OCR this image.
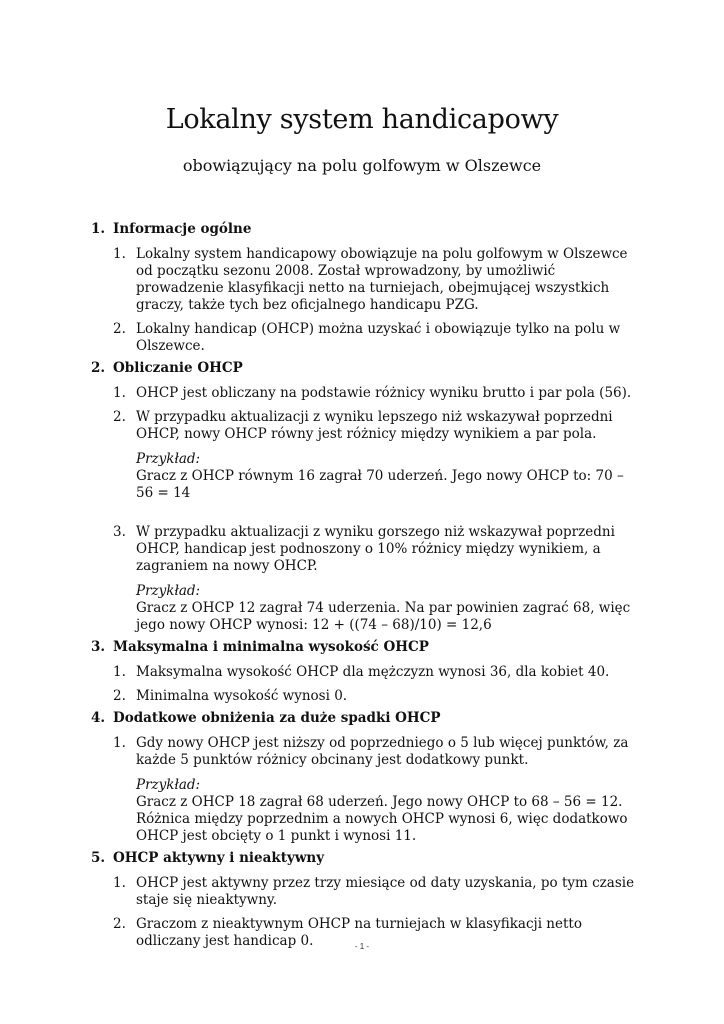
Lokalny system handicapowy
obowiązujący na polu golfowym w Olszewce
1. Informacje ogólne
1. Lokalny system handicapowy obowiązuje na polu golfowym w Olszewce od początku sezonu 2008. Został wprowadzony, by umożliwić prowadzenie klasyfikacji netto na turniejach, obejmującej wszystkich graczy, także tych bez oficjalnego handicapu PZG.
2. Lokalny handicap (OHCP) można uzyskać i obowiązuje tylko na polu w Olszewce.
2. Obliczanie OHCP
1. OHCP jest obliczany na podstawie różnicy wyniku brutto i par pola (56).
2. W przypadku aktualizacji z wyniku lepszego niż wskazywał poprzedni OHCP, nowy OHCP równy jest różnicy między wynikiem a par pola.
Przykład:
Gracz z OHCP równym 16 zagrał 70 uderzeń. Jego nowy OHCP to: 70 – 56 = 14
3. W przypadku aktualizacji z wyniku gorszego niż wskazywał poprzedni OHCP, handicap jest podnoszony o 10% różnicy między wynikiem, a zagraniem na nowy OHCP.
Przykład:
Gracz z OHCP 12 zagrał 74 uderzenia. Na par powinien zagrać 68, więc jego nowy OHCP wynosi: 12 + ((74 – 68)/10) = 12,6
3. Maksymalna i minimalna wysokość OHCP
1. Maksymalna wysokość OHCP dla mężczyzn wynosi 36, dla kobiet 40.
2. Minimalna wysokość wynosi 0.
4. Dodatkowe obniżenia za duże spadki OHCP
1. Gdy nowy OHCP jest niższy od poprzedniego o 5 lub więcej punktów, za każde 5 punktów różnicy obcinany jest dodatkowy punkt.
Przykład:
Gracz z OHCP 18 zagrał 68 uderzeń. Jego nowy OHCP to 68 – 56 = 12. Różnica między poprzednim a nowych OHCP wynosi 6, więc dodatkowo OHCP jest obcięty o 1 punkt i wynosi 11.
5. OHCP aktywny i nieaktywny
1. OHCP jest aktywny przez trzy miesiące od daty uzyskania, po tym czasie staje się nieaktywny.
2. Graczom z nieaktywnym OHCP na turniejach w klasyfikacji netto odliczany jest handicap 0.	- 1 -
